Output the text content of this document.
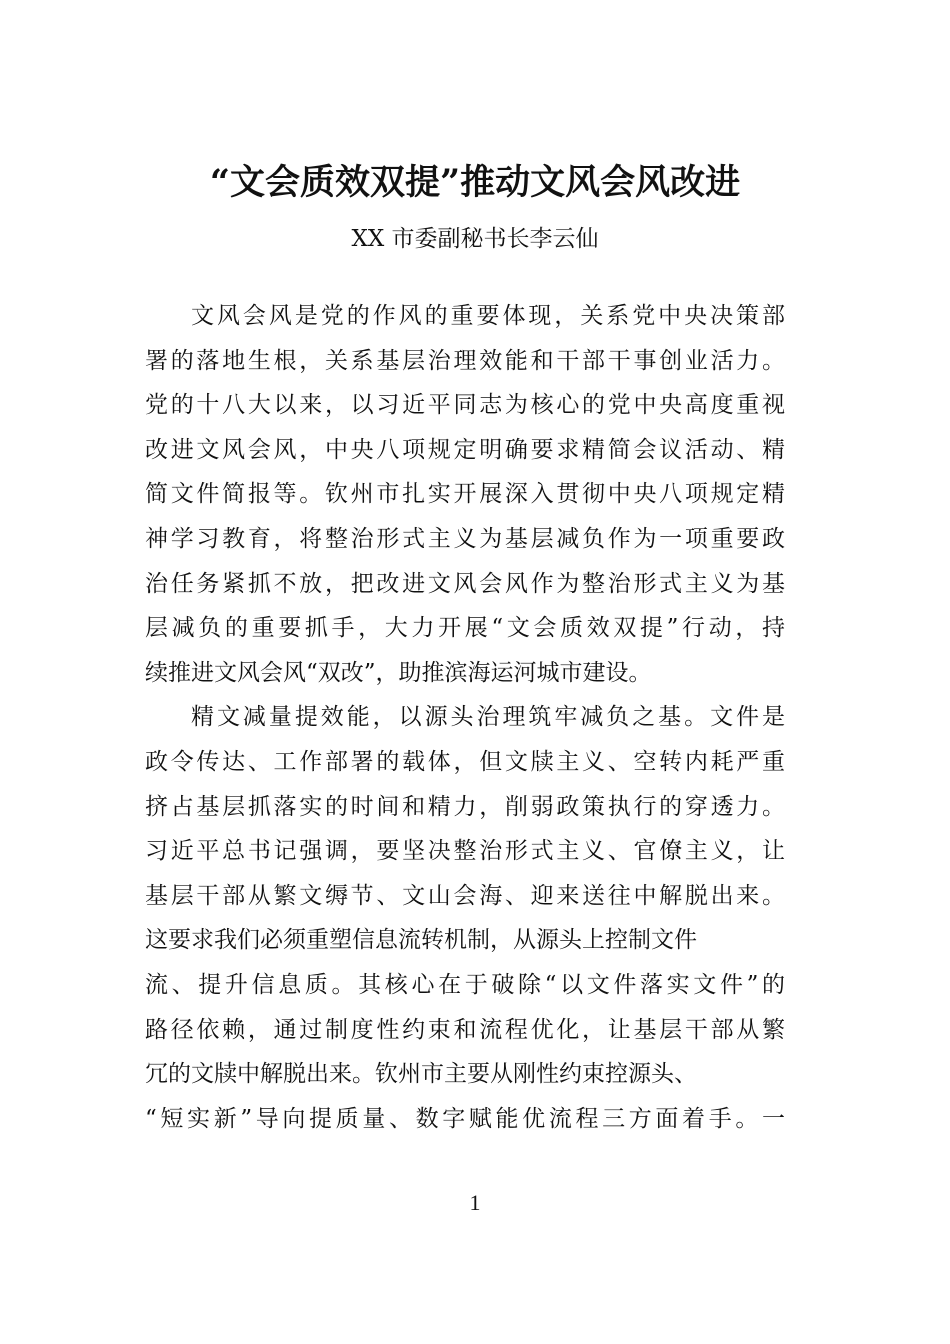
“文会质效双提”推动文风会风改进
XX 市委副秘书长李云仙
文风会风是党的作风的重要体现，关系党中央决策部
署的落地生根，关系基层治理效能和干部干事创业活力。
党的十八大以来，以习近平同志为核心的党中央高度重视
改进文风会风，中央八项规定明确要求精简会议活动、精
简文件简报等。钦州市扎实开展深入贯彻中央八项规定精
神学习教育，将整治形式主义为基层减负作为一项重要政
治任务紧抓不放，把改进文风会风作为整治形式主义为基
层减负的重要抓手，大力开展“文会质效双提”行动，持
续推进文风会风“双改”，助推滨海运河城市建设。
精文减量提效能，以源头治理筑牢减负之基。文件是
政令传达、工作部署的载体，但文牍主义、空转内耗严重
挤占基层抓落实的时间和精力，削弱政策执行的穿透力。
习近平总书记强调，要坚决整治形式主义、官僚主义，让
基层干部从繁文缛节、文山会海、迎来送往中解脱出来。
这要求我们必须重塑信息流转机制，从源头上控制文件
流、提升信息质。其核心在于破除“以文件落实文件”的
路径依赖，通过制度性约束和流程优化，让基层干部从繁
冗的文牍中解脱出来。钦州市主要从刚性约束控源头、
“短实新”导向提质量、数字赋能优流程三方面着手。一
1
